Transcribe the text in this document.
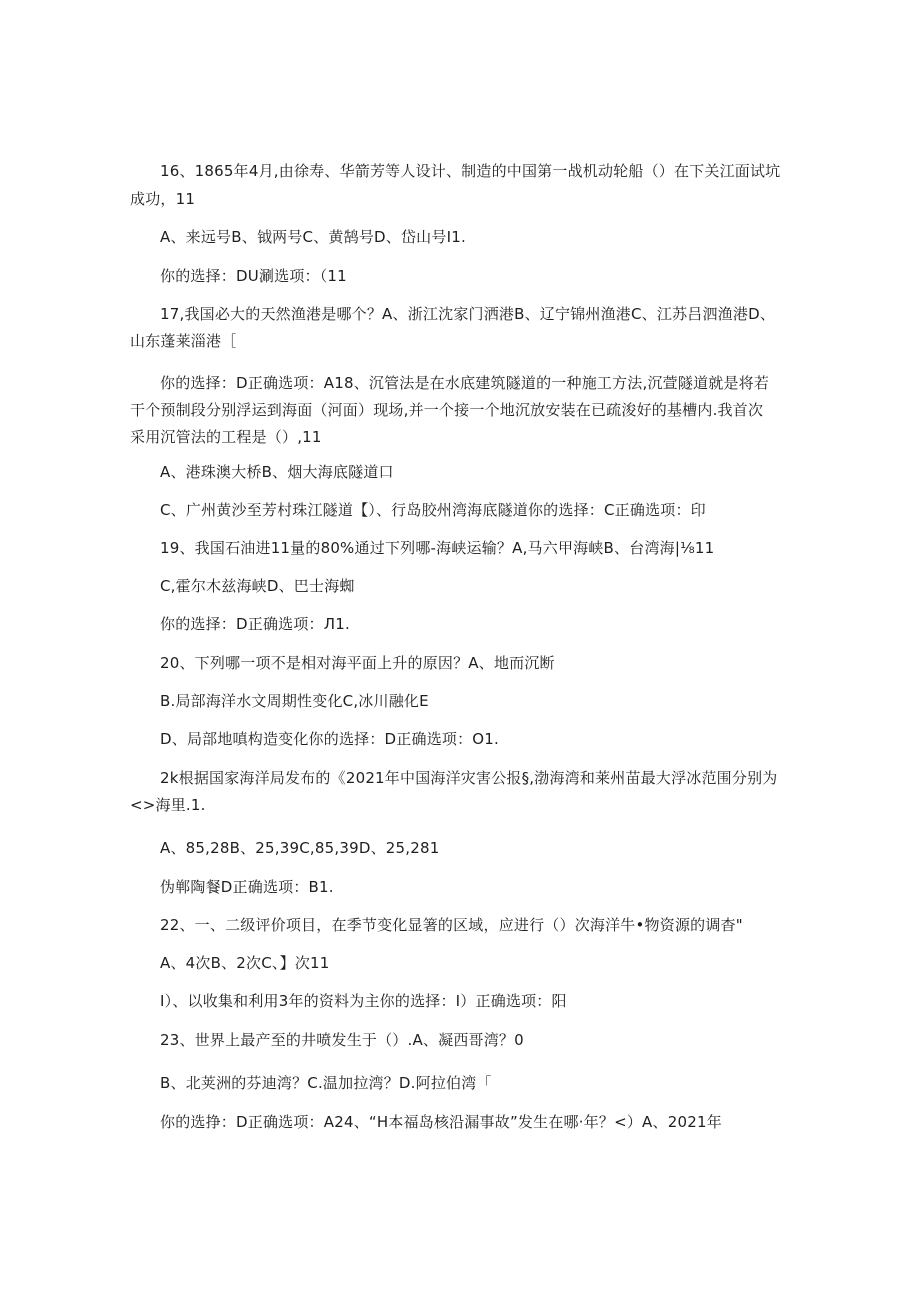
16、1865年4月,由徐寿、华箭芳等人设计、制造的中国第一战机动轮船（）在下关江面试坑
成功，11
А、来远号B、钺两号C、黄鹄号D、岱山号I1.
你的选择：DU涮选项：（11
17,我国必大的天然渔港是哪个？A、浙江沈家门洒港B、辽宁锦州渔港C、江苏吕泗渔港D、
山东蓬莱淄港［
你的选择：D正确选项：A18、沉管法是在水底建筑隧道的一种施工方法,沉萱隧道就是将若
干个预制段分别浮运到海面（河面）现场,并一个接一个地沉放安装在已疏浚好的基槽内.我首次
采用沉管法的工程是（）,11
А、港珠澳大桥B、烟大海底隧道口
C、广州黄沙至芳村珠江隧道【）、行岛胶州湾海底隧道你的选择：C正确选项：印
19、我国石油进11量的80%通过下列哪-海峡运输？A,马六甲海峡B、台湾海|⅛11
C,霍尔木兹海峡D、巴士海蜘
你的选择：D正确选项：Л1.
20、下列哪一项不是相对海平面上升的原因？A、地而沉断
B.局部海洋水文周期性变化C,冰川融化E
D、局部地嗔构造变化你的选择：D正确选项：O1.
2k根据国家海洋局发布的《2021年中国海洋灾害公报§,渤海湾和莱州苗最大浮冰范围分别为
<>海里.1.
A、85,28B、25,39C,85,39D、25,281
伪郸陶餐D正确选项：B1.
22、一、二级评价项目，在季节变化显箸的区域，应进行（）次海洋牛•物资源的调杳"
A、4次B、2次C、】次11
I）、以收集和利用3年的资料为主你的选择：I）正确选项：阳
23、世界上最产至的井喷发生于（）.A、凝西哥湾？0
B、北荚洲的芬迪湾？C.温加拉湾？D.阿拉伯湾「
你的选挣：D正确选项：A24、“H本福岛核沿漏事故”发生在哪·年？<）A、2021年
